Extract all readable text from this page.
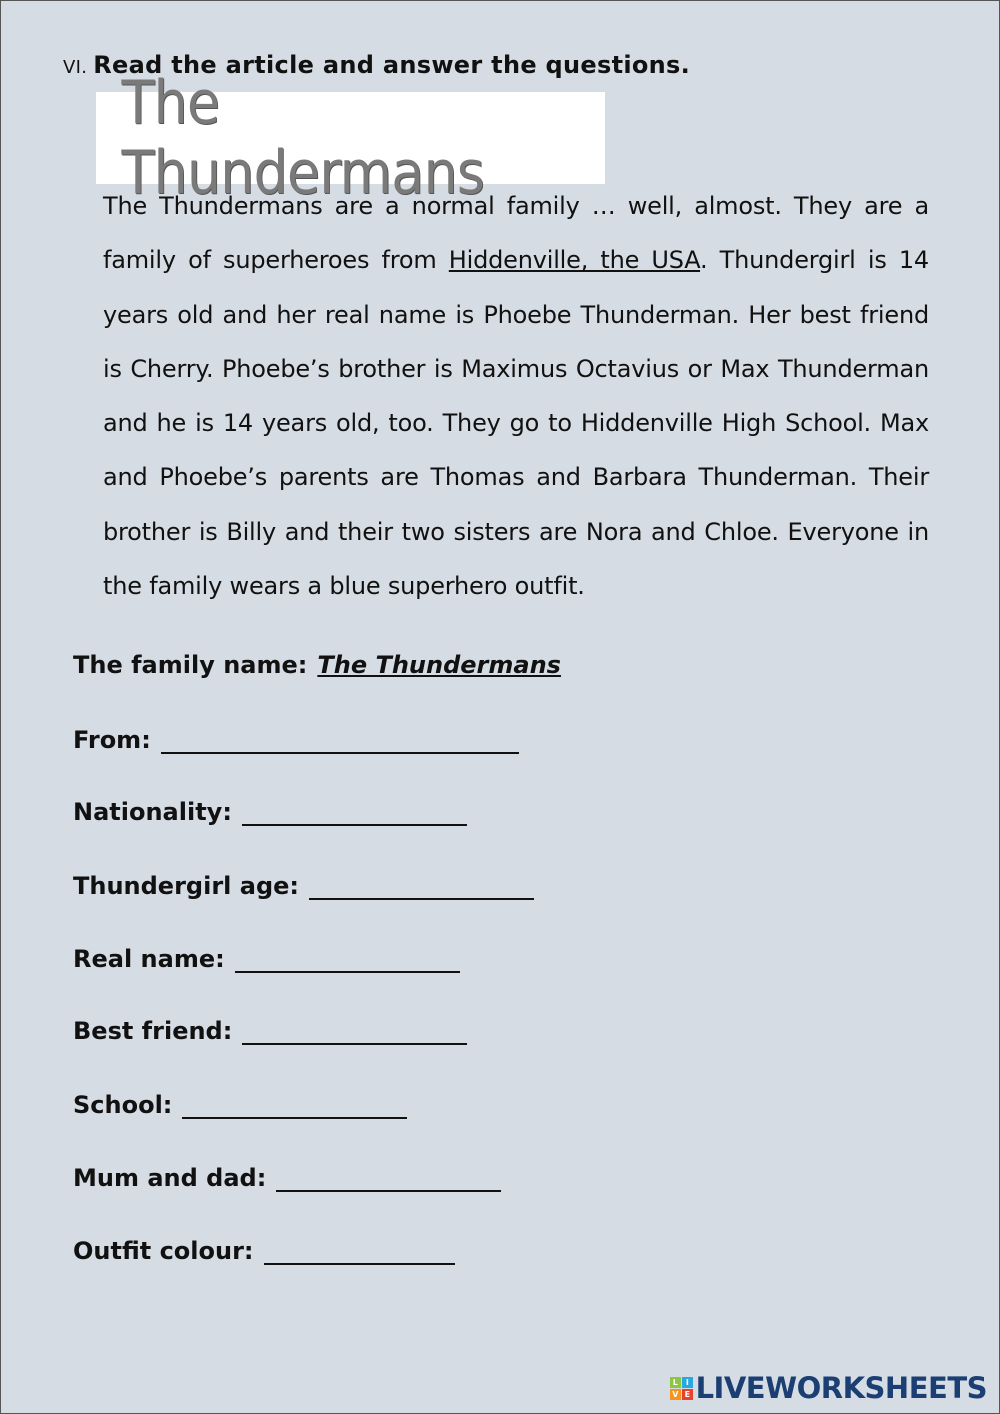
VI. Read the article and answer the questions.
The Thundermans
The Thundermans are a normal family … well, almost. They are a family of superheroes from Hiddenville, the USA. Thundergirl is 14 years old and her real name is Phoebe Thunderman. Her best friend is Cherry. Phoebe’s brother is Maximus Octavius or Max Thunderman and he is 14 years old, too. They go to Hiddenville High School. Max and Phoebe’s parents are Thomas and Barbara Thunderman. Their brother is Billy and their two sisters are Nora and Chloe. Everyone in the family wears a blue superhero outfit.
The family name: The Thundermans
From:
Nationality:
Thundergirl age:
Real name:
Best friend:
School:
Mum and dad:
Outfit colour:
L	I
V E LIVEWORKSHEETS
